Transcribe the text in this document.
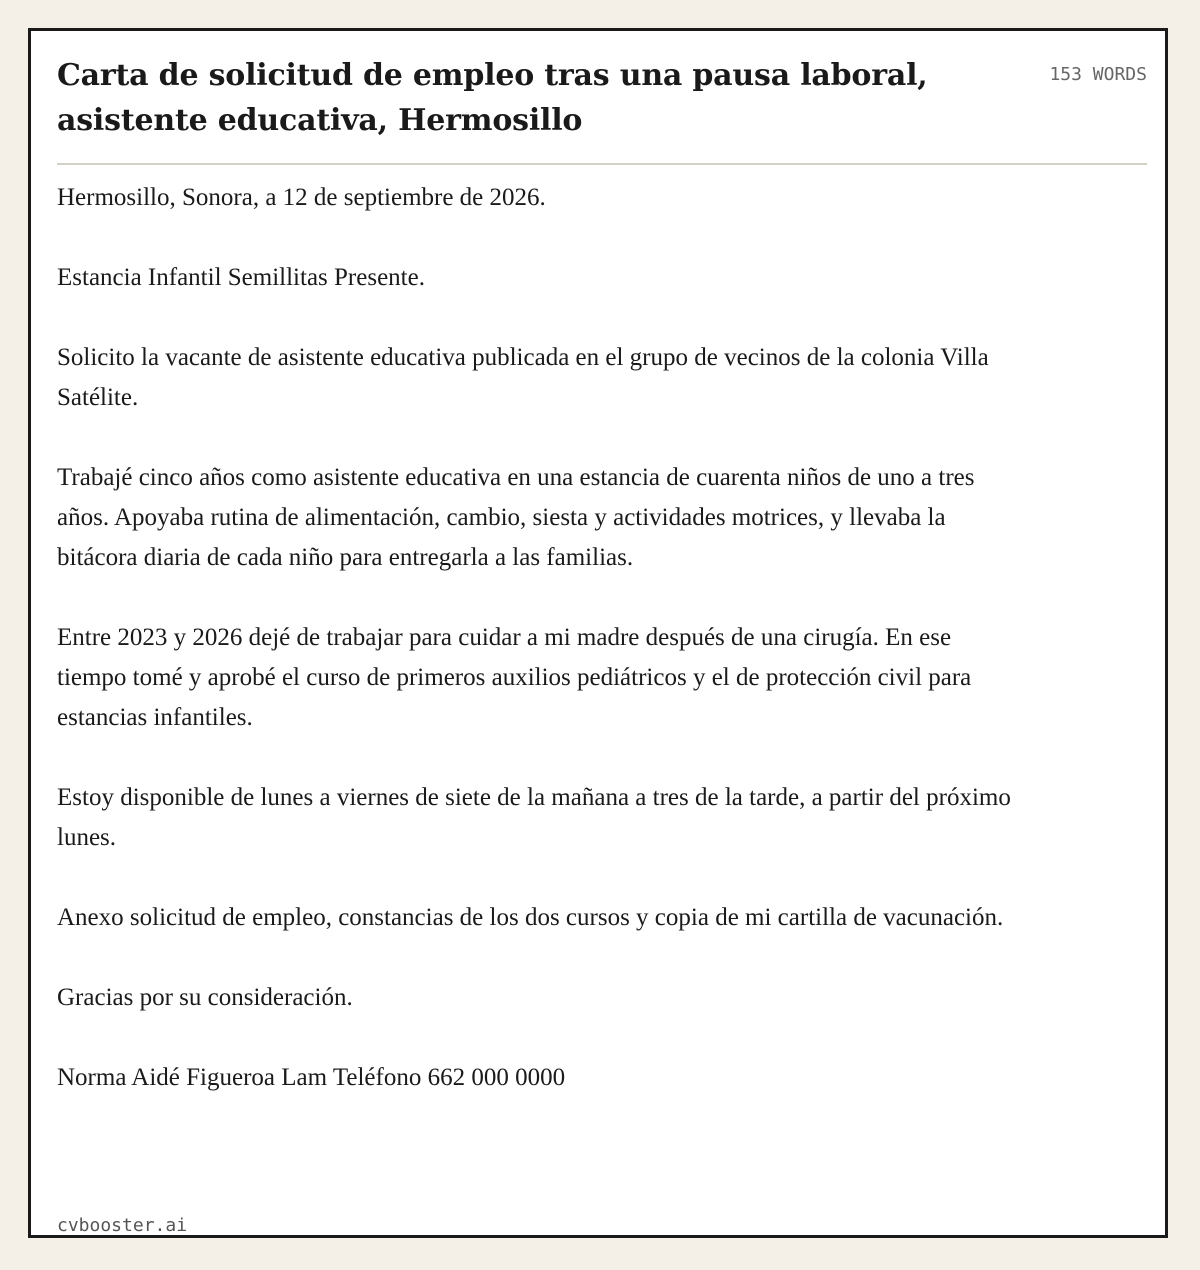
Carta de solicitud de empleo tras una pausa laboral, asistente educativa, Hermosillo
153 WORDS

Hermosillo, Sonora, a 12 de septiembre de 2026.

Estancia Infantil Semillitas Presente.

Solicito la vacante de asistente educativa publicada en el grupo de vecinos de la colonia Villa Satélite.

Trabajé cinco años como asistente educativa en una estancia de cuarenta niños de uno a tres años. Apoyaba rutina de alimentación, cambio, siesta y actividades motrices, y llevaba la bitácora diaria de cada niño para entregarla a las familias.

Entre 2023 y 2026 dejé de trabajar para cuidar a mi madre después de una cirugía. En ese tiempo tomé y aprobé el curso de primeros auxilios pediátricos y el de protección civil para estancias infantiles.

Estoy disponible de lunes a viernes de siete de la mañana a tres de la tarde, a partir del próximo lunes.

Anexo solicitud de empleo, constancias de los dos cursos y copia de mi cartilla de vacunación.

Gracias por su consideración.

Norma Aidé Figueroa Lam Teléfono 662 000 0000

cvbooster.ai
